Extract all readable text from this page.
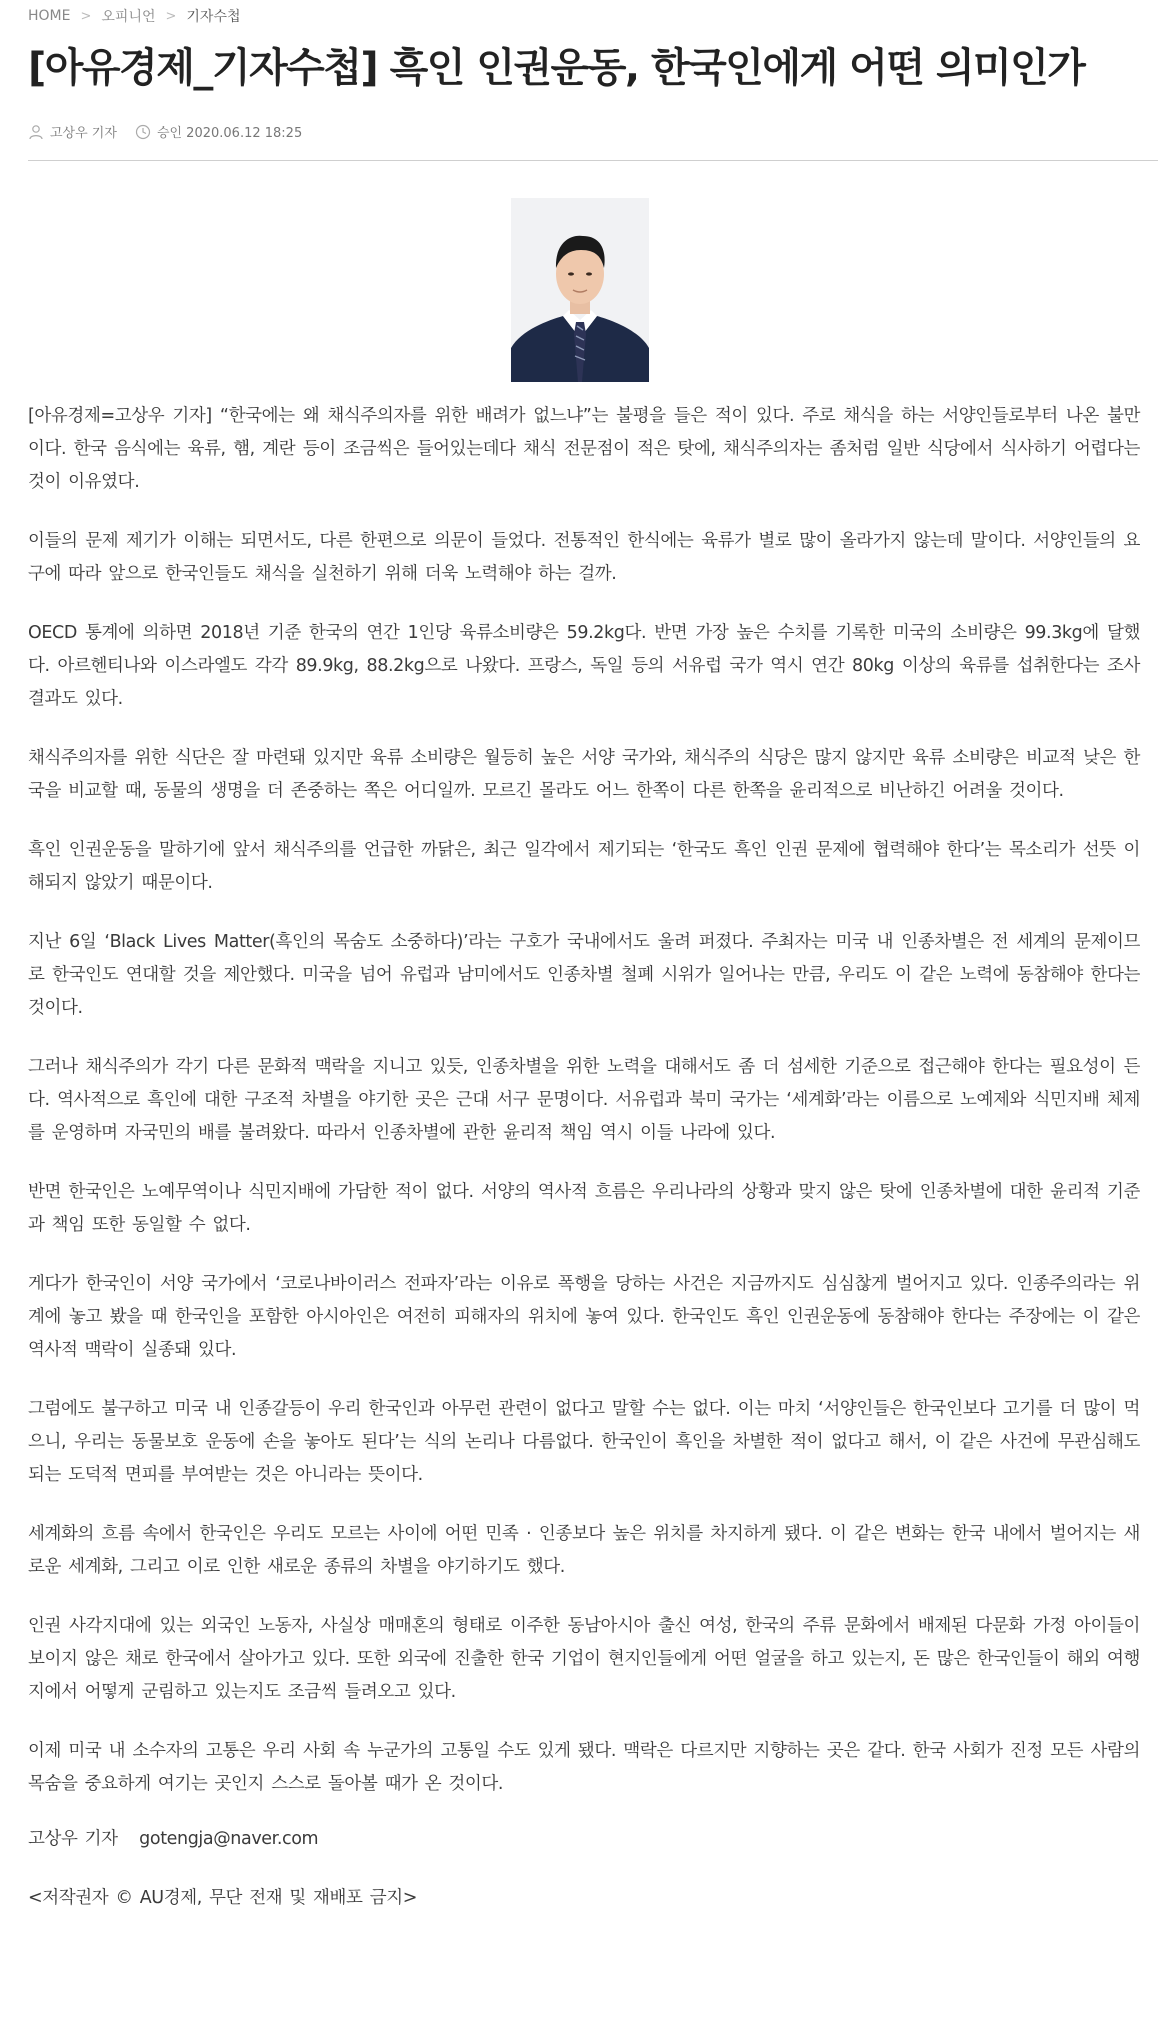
HOME > 오피니언 > 기자수첩
[아유경제_기자수첩] 흑인 인권운동, 한국인에게 어떤 의미인가
고상우 기자	승인 2020.06.12 18:25

[아유경제=고상우 기자] “한국에는 왜 채식주의자를 위한 배려가 없느냐”는 불평을 들은 적이 있다. 주로 채식을 하는 서양인들로부터 나온 불만이다. 한국 음식에는 육류, 햄, 계란 등이 조금씩은 들어있는데다 채식 전문점이 적은 탓에, 채식주의자는 좀처럼 일반 식당에서 식사하기 어렵다는 것이 이유였다.

이들의 문제 제기가 이해는 되면서도, 다른 한편으로 의문이 들었다. 전통적인 한식에는 육류가 별로 많이 올라가지 않는데 말이다. 서양인들의 요구에 따라 앞으로 한국인들도 채식을 실천하기 위해 더욱 노력해야 하는 걸까.

OECD 통계에 의하면 2018년 기준 한국의 연간 1인당 육류소비량은 59.2kg다. 반면 가장 높은 수치를 기록한 미국의 소비량은 99.3kg에 달했다. 아르헨티나와 이스라엘도 각각 89.9kg, 88.2kg으로 나왔다. 프랑스, 독일 등의 서유럽 국가 역시 연간 80kg 이상의 육류를 섭취한다는 조사 결과도 있다.

채식주의자를 위한 식단은 잘 마련돼 있지만 육류 소비량은 월등히 높은 서양 국가와, 채식주의 식당은 많지 않지만 육류 소비량은 비교적 낮은 한국을 비교할 때, 동물의 생명을 더 존중하는 쪽은 어디일까. 모르긴 몰라도 어느 한쪽이 다른 한쪽을 윤리적으로 비난하긴 어려울 것이다.

흑인 인권운동을 말하기에 앞서 채식주의를 언급한 까닭은, 최근 일각에서 제기되는 ‘한국도 흑인 인권 문제에 협력해야 한다’는 목소리가 선뜻 이해되지 않았기 때문이다.

지난 6일 ‘Black Lives Matter(흑인의 목숨도 소중하다)’라는 구호가 국내에서도 울려 퍼졌다. 주최자는 미국 내 인종차별은 전 세계의 문제이므로 한국인도 연대할 것을 제안했다. 미국을 넘어 유럽과 남미에서도 인종차별 철폐 시위가 일어나는 만큼, 우리도 이 같은 노력에 동참해야 한다는 것이다.

그러나 채식주의가 각기 다른 문화적 맥락을 지니고 있듯, 인종차별을 위한 노력을 대해서도 좀 더 섬세한 기준으로 접근해야 한다는 필요성이 든다. 역사적으로 흑인에 대한 구조적 차별을 야기한 곳은 근대 서구 문명이다. 서유럽과 북미 국가는 ‘세계화’라는 이름으로 노예제와 식민지배 체제를 운영하며 자국민의 배를 불려왔다. 따라서 인종차별에 관한 윤리적 책임 역시 이들 나라에 있다.

반면 한국인은 노예무역이나 식민지배에 가담한 적이 없다. 서양의 역사적 흐름은 우리나라의 상황과 맞지 않은 탓에 인종차별에 대한 윤리적 기준과 책임 또한 동일할 수 없다.

게다가 한국인이 서양 국가에서 ‘코로나바이러스 전파자’라는 이유로 폭행을 당하는 사건은 지금까지도 심심찮게 벌어지고 있다. 인종주의라는 위계에 놓고 봤을 때 한국인을 포함한 아시아인은 여전히 피해자의 위치에 놓여 있다. 한국인도 흑인 인권운동에 동참해야 한다는 주장에는 이 같은 역사적 맥락이 실종돼 있다.

그럼에도 불구하고 미국 내 인종갈등이 우리 한국인과 아무런 관련이 없다고 말할 수는 없다. 이는 마치 ‘서양인들은 한국인보다 고기를 더 많이 먹으니, 우리는 동물보호 운동에 손을 놓아도 된다’는 식의 논리나 다름없다. 한국인이 흑인을 차별한 적이 없다고 해서, 이 같은 사건에 무관심해도 되는 도덕적 면피를 부여받는 것은 아니라는 뜻이다.

세계화의 흐름 속에서 한국인은 우리도 모르는 사이에 어떤 민족 · 인종보다 높은 위치를 차지하게 됐다. 이 같은 변화는 한국 내에서 벌어지는 새로운 세계화, 그리고 이로 인한 새로운 종류의 차별을 야기하기도 했다.

인권 사각지대에 있는 외국인 노동자, 사실상 매매혼의 형태로 이주한 동남아시아 출신 여성, 한국의 주류 문화에서 배제된 다문화 가정 아이들이 보이지 않은 채로 한국에서 살아가고 있다. 또한 외국에 진출한 한국 기업이 현지인들에게 어떤 얼굴을 하고 있는지, 돈 많은 한국인들이 해외 여행지에서 어떻게 군림하고 있는지도 조금씩 들려오고 있다.

이제 미국 내 소수자의 고통은 우리 사회 속 누군가의 고통일 수도 있게 됐다. 맥락은 다르지만 지향하는 곳은 같다. 한국 사회가 진정 모든 사람의 목숨을 중요하게 여기는 곳인지 스스로 돌아볼 때가 온 것이다.

고상우 기자   gotengja@naver.com

<저작권자 © AU경제, 무단 전재 및 재배포 금지>
